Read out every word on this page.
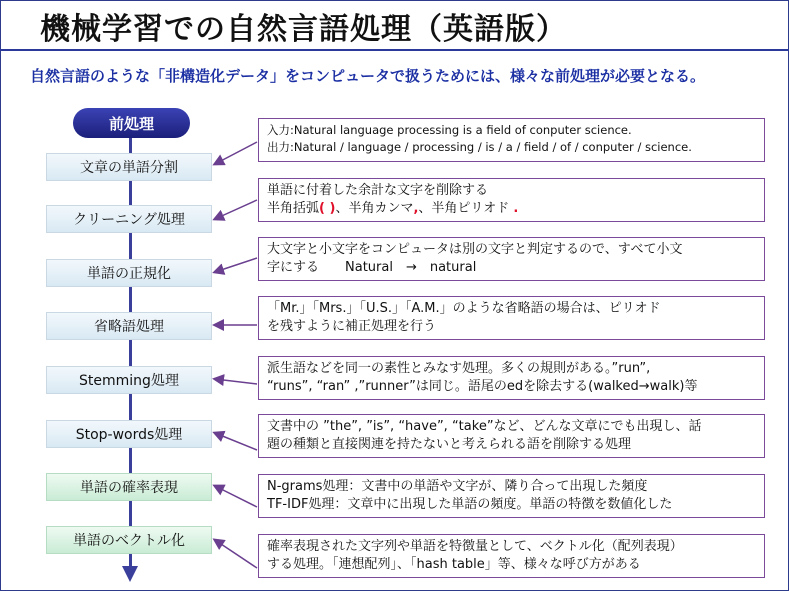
機械学習での自然言語処理（英語版）
自然言語のような「非構造化データ」をコンピュータで扱うためには、様々な前処理が必要となる。
前処理
文章の単語分割
クリーニング処理
単語の正規化
省略語処理
Stemming処理
Stop-words処理
単語の確率表現
単語のベクトル化
入力:Natural language processing is a field of conputer science.
出力:Natural / language / processing / is / a / field / of / conputer / science.
単語に付着した余計な文字を削除する
半角括弧( )、半角カンマ,、半角ピリオド .
大文字と小文字をコンピュータは別の文字と判定するので、すべて小文
字にする　　Natural　→　natural
「Mr.」「Mrs.」「U.S.」「A.M.」のような省略語の場合は、ピリオド
を残すように補正処理を行う
派生語などを同一の素性とみなす処理。多くの規則がある。”run”,
“runs”, “ran” ,”runner”は同じ。語尾のedを除去する(walked→walk)等
文書中の ”the”, ”is”, “have”, “take”など、どんな文章にでも出現し、話
題の種類と直接関連を持たないと考えられる語を削除する処理
N-grams処理：文書中の単語や文字が、隣り合って出現した頻度
TF-IDF処理：文章中に出現した単語の頻度。単語の特徴を数値化した
確率表現された文字列や単語を特徴量として、ベクトル化（配列表現）
する処理。「連想配列」、「hash table」等、様々な呼び方がある
